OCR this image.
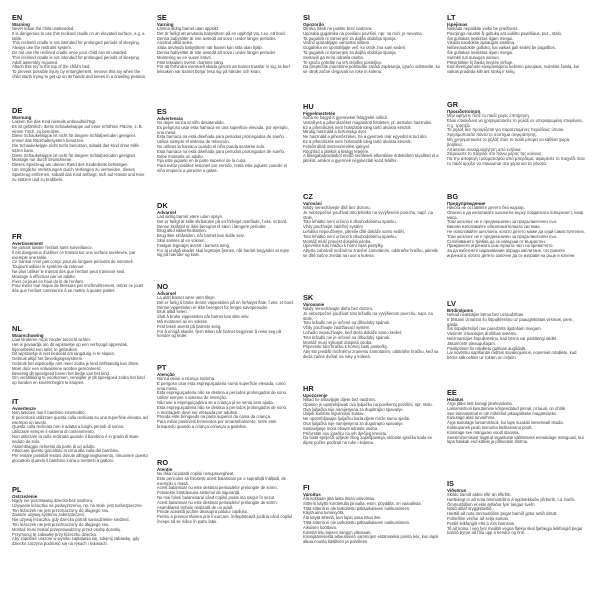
EN
Warning
Never leave the child unattended.
It is dangerous to use this reclined cradle on an elevated surface, e.g. a table.
This reclined cradle is not intended for prolonged periods of sleeping.
Always use the restraint system.
Do not use the reclined cradle once your child can sit unaided.
This reclined cradle is not intended for prolonged periods of sleeping.
Adult assembly required.
Attach this toy to the top of the child's bed.
To prevent possible injury by entanglement, remove this toy when the child starts trying to get up on its hands and knees in a crawling position.
DE
Warnung
Lassen Sie das Kind niemals unbeaufsichtigt.
Es ist gefährlich, diese Schaukelwippe auf einer erhöhten Fläche, z. B. einem Tisch, zu benutzen.
Diese Schaukelwippe ist nicht für längere Schlafperioden geeignet.
Immer das Rückhaltesystem benutzen.
Die Schaukelwippe nicht mehr benutzen, sobald das Kind ohne Hilfe sitzen kann.
Diese Schaukelwippe ist nicht für längere Schlafperioden geeignet.
Montage nur durch Erwachsene.
Dieses Spielzeug am oberen Rand des Kinderbetts befestigen.
Um mögliche Verletzungen durch Verfangen zu vermeiden, dieses Spielzeug entfernen, sobald das Kind anfängt, sich auf Hände und Knie zu stützen und zu krabbeln.
FR
Avertissement
Ne jamais laisser l'enfant sans surveillance.
Il est dangereux d'utiliser ce transat sur une surface surélevée, par exemple une table.
Ce transat n'est pas conçu pour de longues périodes de sommeil.
Toujours utiliser le système de retenue.
Ne plus utiliser le transat dès que l'enfant peut s'asseoir seul.
Montage à effectuer par un adulte.
Fixer ce jouet en haut du lit de l'enfant.
Pour éviter tout risque de blessure par enchevêtrement, retirer ce jouet dès que l'enfant commence à se mettre à quatre pattes.
NL
Waarschuwing
Laat kinderen nooit zonder toezicht achter.
Het is gevaarlijk om dit wipstoeltje op een verhoogd oppervlak, bijvoorbeeld een tafel, te gebruiken.
Dit wipstoeltje is niet bedoeld om langdurig in te slapen.
Gebruik altijd het beveiligingssysteem.
Gebruik het wipstoeltje niet meer zodra je kind zelfstandig kan zitten.
Moet door een volwassene worden gemonteerd.
Bevestig dit speelgoed boven het bedje van het kind.
Om verstrikking te voorkomen, verwijder je dit speelgoed zodra het kind op handen en knieën begint te kruipen.
IT
Avvertenze
Non lasciare mai il bambino incustodito.
È pericoloso utilizzare questa culla reclinata su una superficie elevata, ad esempio un tavolo.
Questa culla reclinata non è adatta a lunghi periodi di sonno.
Utilizzare sempre il sistema di contenimento.
Non utilizzare la culla reclinata quando il bambino è in grado di stare seduto da solo.
Assemblaggio richiesto da parte di un adulto.
Attaccare questo giocattolo in cima alla culla del bambino.
Per evitare possibili lesioni dovute all'aggrovigliamento, rimuovere questo giocattolo quando il bambino inizia a mettersi a gattoni.
PL
Ostrzeżenie
Nigdy nie pozostawiaj dziecka bez nadzoru.
Używanie leżaczka na podwyższeniu, np. na stole, jest niebezpieczne.
Ten leżaczek nie jest przeznaczony do długiego snu.
Zawsze używaj systemu zabezpieczeń.
Nie używaj leżaczka, gdy dziecko potrafi samodzielnie siedzieć.
Ten leżaczek nie jest przeznaczony do długiego snu.
Montaż musi zostać przeprowadzony przez osobę dorosłą.
Przymocuj tę zabawkę przy łóżeczku dziecka.
Aby zapobiec urazom w wyniku zaplątania się, zdejmij zabawkę, gdy dziecko zaczyna podnosić się na rękach i kolanach.
SE
Varning
Lämna aldrig barnet utan uppsikt.
Det är farligt att använda babysittern på en upphöjd yta, t.ex. ett bord.
Denna babysitter är inte avsedd att sova i under längre perioder.
Använd alltid selen.
Sluta använda babysittern när barnet kan sitta utan hjälp.
Denna babysitter är inte avsedd att sova i under längre perioder.
Montering av en vuxen krävs.
Fäst leksaken överst i barnets säng.
För att förhindra eventuell skada genom att barnet trasslar in sig, ta bort leksaken när barnet börjar resa sig på händer och knän.
ES
Advertencia
No dejes nunca al niño desatendido.
Es peligroso usar esta hamaca en una superficie elevada, por ejemplo, una mesa.
Esta hamaca no está diseñada para periodos prolongados de sueño.
Utiliza siempre el sistema de retención.
No utilices la hamaca cuando el niño pueda sentarse solo.
Esta hamaca no está diseñada para periodos prolongados de sueño.
Debe montarla un adulto.
Fija este juguete en la parte superior de la cuna.
Para evitar posibles lesiones por enredo, retira este juguete cuando el niño empiece a ponerse a gatas.
DK
Advarsel
Lad aldrig barnet være uden opsyn.
Det er farligt at stille skråstolen på en forhøjet overflade, f.eks. et bord.
Denne skråstol er ikke beregnet til søvn i længere perioder.
Brug altid sikkerhedsselen.
Brug ikke skråstolen, når barnet kan sidde selv.
Skal samles af en voksen.
Fastgør legetøjet øverst i barnets seng.
For at undgå skader skal legetøjet fjernes, når barnet begynder at rejse sig på hænder og knæ.
NO
Advarsel
La aldri barnet være uten tilsyn.
Det er farlig å bruke denne vippestolen på en forhøyet flate, f.eks. et bord.
Denne vippestolen er ikke beregnet for lengre søvnperioder.
Bruk alltid selen.
Slutt å bruke vippestolen når barnet kan sitte selv.
Må monteres av en voksen.
Fest leken øverst på barnets seng.
For å unngå skader, fjern leken når barnet begynner å reise seg på hender og knær.
PT
Atenção
Nunca deixe a criança sozinha.
É perigoso usar esta espreguiçadeira numa superfície elevada, como uma mesa.
Esta espreguiçadeira não se destina a períodos prolongados de sono.
Utilize sempre o sistema de retenção.
Não use a espreguiçadeira se a criança já se senta sem ajuda.
Esta espreguiçadeira não se destina a períodos prolongados de sono.
A montagem deve ser efetuada por adultos.
Prenda este brinquedo na parte superior da cama da criança.
Para evitar possíveis ferimentos por emaranhamento, retire este brinquedo quando a criança começar a gatinhar.
RO
Atenție
Nu lăsa niciodată copilul nesupravegheat.
Este periculos să folosești acest balansoar pe o suprafață înălțată, de exemplu o masă.
Acest balansoar nu este destinat perioadelor prelungite de somn.
Folosește întotdeauna sistemul de siguranță.
Nu mai folosi balansoarul când copilul poate sta singur în șezut.
Acest balansoar nu este destinat perioadelor prelungite de somn.
Asamblarea trebuie realizată de un adult.
Prinde această jucărie deasupra patului copilului.
Pentru a preveni rănirea prin încurcare, îndepărtează jucăria când copilul începe să se ridice în patru labe.
SI
Opozorilo
Otroka nikoli ne pustite brez nadzora.
Uporaba gugalnika na povišani površini, npr. na mizi, je nevarna.
Ta gugalnik ni namenjen za daljša obdobja spanja.
Vedno uporabljajte varnostni sistem.
Gugalnika ne uporabljajte več, ko otrok zna sam sedeti.
Ta gugalnik ni namenjen za daljša obdobja spanja.
Sestaviti ga mora odrasla oseba.
To igračo pritrdite na vrh otroške posteljice.
Da preprečite morebitne poškodbe zaradi zapletanja, igračo odstranite, ko se otrok začne dvigovati na roke in kolena.
HU
Figyelmeztetés
Soha ne hagyd a gyermeket felügyelet nélkül.
Veszélyes a pihenőszéket magasított felületen, pl. asztalon használni.
Ez a pihenőszék nem hosszabb ideig tartó alvásra készült.
Mindig használd a biztonsági övet.
Ne használd a pihenőszéket, ha a gyermek már egyedül is tud ülni.
Ez a pihenőszék nem hosszabb ideig tartó alvásra készült.
Felnőtt általi összeszerelést igényel.
Rögzítsd a játékot a kiságy tetejére.
A belegabalyodásból eredő sérülések elkerülése érdekében távolítsd el a játékot, amikor a gyermek négykézláb kezd felállni.
CZ
Varování
Nikdy nenechávejte dítě bez dozoru.
Je nebezpečné používat toto lehátko na vyvýšeném povrchu, např. na stole.
Toto lehátko není určeno k dlouhodobému spánku.
Vždy používejte zádržný systém.
Lehátko nepoužívejte, jakmile dítě dokáže samo sedět.
Toto lehátko není určeno k dlouhodobému spánku.
Montáž musí provést dospělá osoba.
Upevněte tuto hračku k horní části postýlky.
Abyste zabránili možnému zranění zamotáním, odstraňte hračku, jakmile se dítě začne zvedat na ruce a kolena.
SK
Varovanie
Nikdy nenechávajte dieťa bez dozoru.
Je nebezpečné používať toto ležadlo na vyvýšenom povrchu, napr. na stole.
Toto ležadlo nie je určené na dlhodobý spánok.
Vždy používajte zadržiavací systém.
Ležadlo nepoužívajte, keď dieťa dokáže samo sedieť.
Toto ležadlo nie je určené na dlhodobý spánok.
Montáž musí vykonať dospelá osoba.
Pripevnite túto hračku k hornej časti postieľky.
Aby ste predišli možnému zraneniu zamotaním, odstráňte hračku, keď sa dieťa začne dvíhať na ruky a kolená.
HR
Upozorenje
Nikad ne ostavljajte dijete bez nadzora.
Opasno je upotrebljavati ovu ljuljačku na povišenoj površini, npr. stolu.
Ova ljuljačka nije namijenjena za dugotrajno spavanje.
Uvijek koristite sigurnosni sustav.
Ne upotrebljavajte ljuljačku kada dijete može samo sjediti.
Ova ljuljačka nije namijenjena za dugotrajno spavanje.
Sastavljanje mora obaviti odrasla osoba.
Pričvrstite ovu igračku na vrh dječjeg kreveta.
Da biste spriječili ozljede zbog zapetljavanja, uklonite igračku kada se dijete počne podizati na ruke i koljena.
FI
Varoitus
Älä koskaan jätä lasta ilman valvontaa.
Sitterin käyttö korotetulla pinnalla, esim. pöydällä, on vaarallista.
Tätä sitteriä ei ole tarkoitettu pitkäaikaiseen nukkumiseen.
Käytä aina turvavyötä.
Älä käytä sitteriä, kun lapsi osaa istua itse.
Tätä sitteriä ei ole tarkoitettu pitkäaikaiseen nukkumiseen.
Aikuisen koottava.
Kiinnitä lelu lapsen sängyn yläosaan.
Kiinnijäämisestä aiheutuvien vammojen estämiseksi poista lelu, kun lapsi alkaa nousta käsilleen ja polvilleen.
LT
Įspėjimas
Niekada nepalikite vaiko be priežiūros.
Pavojinga naudoti šį gultuką ant aukšto paviršiaus, pvz., stalo.
Šis gultukas neskirtas ilgam miegui.
Visada naudokite apsaugos sistemą.
Nebenaudokite gultuko, kai vaikas gali sėdėti be pagalbos.
Šis gultukas neskirtas ilgam miegui.
Surinkti turi suaugęs asmuo.
Pritvirtinkite šį žaislą lovytės viršuje.
Kad išvengtumėte susipainiojimo keliamo pavojaus, nuimkite žaislą, kai vaikas pradeda kilti ant rankų ir kelių.
GR
Προειδοποίηση
Μην αφήνετε ποτέ το παιδί χωρίς επιτήρηση.
Είναι επικίνδυνο να χρησιμοποιείτε το ρηλάξ σε υπερυψωμένη επιφάνεια, π.χ. τραπέζι.
Το ρηλάξ δεν προορίζεται για παρατεταμένες περιόδους ύπνου.
Χρησιμοποιείτε πάντα το σύστημα συγκράτησης.
Μη χρησιμοποιείτε το ρηλάξ όταν το παιδί μπορεί να καθίσει χωρίς βοήθεια.
Απαιτείται συναρμολόγηση από ενήλικα.
Στερεώστε το παιχνίδι στο πάνω μέρος της κούνιας.
Για την αποφυγή τραυματισμού από μπέρδεμα, αφαιρέστε το παιχνίδι όταν το παιδί αρχίζει να σηκώνεται στα χέρια και τα γόνατα.
BG
Предупреждение
Никога не оставяйте детето без надзор.
Опасно е да използвате шезлонга върху повдигната повърхност, напр. маса.
Този шезлонг не е предназначен за продължителен сън.
Винаги използвайте обезопасителната система.
Не използвайте шезлонга, когато детето може да седи самостоятелно.
Този шезлонг не е предназначен за продължителен сън.
Сглобяването трябва да се извърши от възрастен.
Прикрепете играчката към горната част на креватчето.
За да избегнете наранявания поради заплитане, отстранете играчката, когато детето започне да се изправя на ръце и колене.
LV
Brīdinājums
Nekad neatstājiet bērnu bez uzraudzības.
Ir bīstami izmantot šo šūpuļkrēsliņu uz paaugstinātas virsmas, piem., galda.
Šis šūpuļkrēsliņš nav paredzēts ilgstošam miegam.
Vienmēr izmantojiet drošības sistēmu.
Neizmantojiet šūpuļkrēsliņu, kad bērns var patstāvīgi sēdēt.
Jāsamontē pieaugušajam.
Piestipriniet šo rotaļlietu gultiņas augšdaļā.
Lai novērstu sapīšanās radītus savainojumus, noņemiet rotaļlietu, kad bērns sāk celties uz rokām un ceļiem.
EE
Hoiatus
Ärge jätke last kunagi järelevalveta.
Lamamistooli kasutamine kõrgendatud pinnal, nt laual, on ohtlik.
See lamamistool ei ole mõeldud pikaajaliseks magamiseks.
Kasutage alati turvarihma.
Ärge kasutage lamamistooli, kui laps suudab iseseisvalt istuda.
Kokkupanek peab toimuma täiskasvanu poolt.
Kinnitage see mänguasi voodi ülaossa.
Sassiminemisest tingitud vigastuste vältimiseks eemaldage mänguasi, kui laps hakkab end kätele ja põlvedele tõstma.
IS
Viðvörun
Skildu barnið aldrei eftir án eftirlits.
Hættulegt er að nota ömmustólinn á upphækkuðu yfirborði, t.d. borði.
Ömmustóllinn er ekki ætlaður fyrir langan svefn.
Notið alltaf öryggisbeltið.
Hættið að nota ömmustólinn þegar barnið getur setið óstutt.
Fullorðinn verður að setja saman.
Festið leikfangið efst á rúm barnsins.
Til að koma í veg fyrir meiðsli vegna flækju skal fjarlægja leikfangið þegar barnið byrjar að rísa upp á hendur og hné.
